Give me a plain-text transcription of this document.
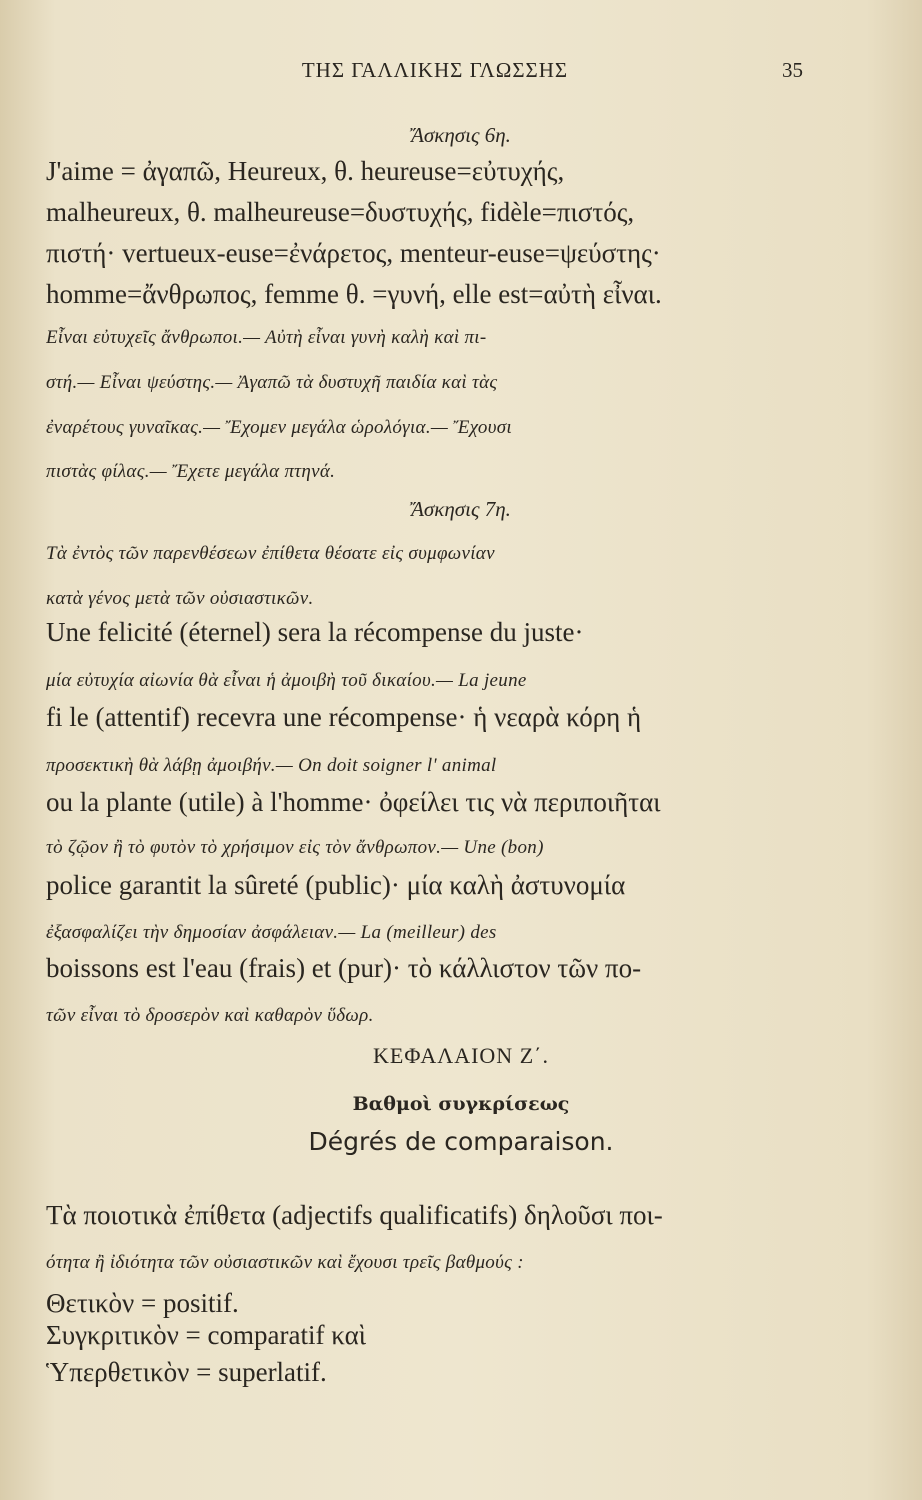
ΤΗΣ ΓΑΛΛΙΚΗΣ ΓΛΩΣΣΗΣ	35
Ἄσκησις 6η.
J'aime = ἀγαπῶ, Heureux, θ. heureuse=εὐτυχής,
malheureux, θ. malheureuse=δυστυχής, fidèle=πιστός,
πιστή· vertueux-euse=ἐνάρετος, menteur-euse=ψεύστης·
homme=ἄνθρωπος, femme θ. =γυνή, elle est=αὐτὴ εἶναι.
Εἶναι εὐτυχεῖς ἄνθρωποι.— Αὐτὴ εἶναι γυνὴ καλὴ καὶ πι-
στή.— Εἶναι ψεύστης.— Ἀγαπῶ τὰ δυστυχῆ παιδία καὶ τὰς
ἐναρέτους γυναῖκας.— Ἔχομεν μεγάλα ὡρολόγια.— Ἔχουσι
πιστὰς φίλας.— Ἔχετε μεγάλα πτηνά.
Ἄσκησις 7η.
Τὰ ἐντὸς τῶν παρενθέσεων ἐπίθετα θέσατε εἰς συμφωνίαν
κατὰ γένος μετὰ τῶν οὐσιαστικῶν.
Une felicité (éternel) sera la récompense du juste·
μία εὐτυχία αἰωνία θὰ εἶναι ἡ ἀμοιβὴ τοῦ δικαίου.— La jeune
fi le (attentif) recevra une récompense· ἡ νεαρὰ κόρη ἡ
προσεκτικὴ θὰ λάβῃ ἀμοιβήν.— On doit soigner l' animal
ou la plante (utile) à l'homme· ὀφείλει τις νὰ περιποιῆται
τὸ ζῷον ἢ τὸ φυτὸν τὸ χρήσιμον εἰς τὸν ἄνθρωπον.— Une (bon)
police garantit la sûreté (public)· μία καλὴ ἀστυνομία
ἐξασφαλίζει τὴν δημοσίαν ἀσφάλειαν.— La (meilleur) des
boissons est l'eau (frais) et (pur)· τὸ κάλλιστον τῶν πο-
τῶν εἶναι τὸ δροσερὸν καὶ καθαρὸν ὕδωρ.
ΚΕΦΑΛΑΙΟΝ Ζ΄.
Βαθμοὶ συγκρίσεως
Dégrés de comparaison.
Τὰ ποιοτικὰ ἐπίθετα (adjectifs qualificatifs) δηλοῦσι ποι-
ότητα ἢ ἰδιότητα τῶν οὐσιαστικῶν καὶ ἔχουσι τρεῖς βαθμούς :
Θετικὸν = positif.
Συγκριτικὸν = comparatif καὶ
Ὑπερθετικὸν = superlatif.
